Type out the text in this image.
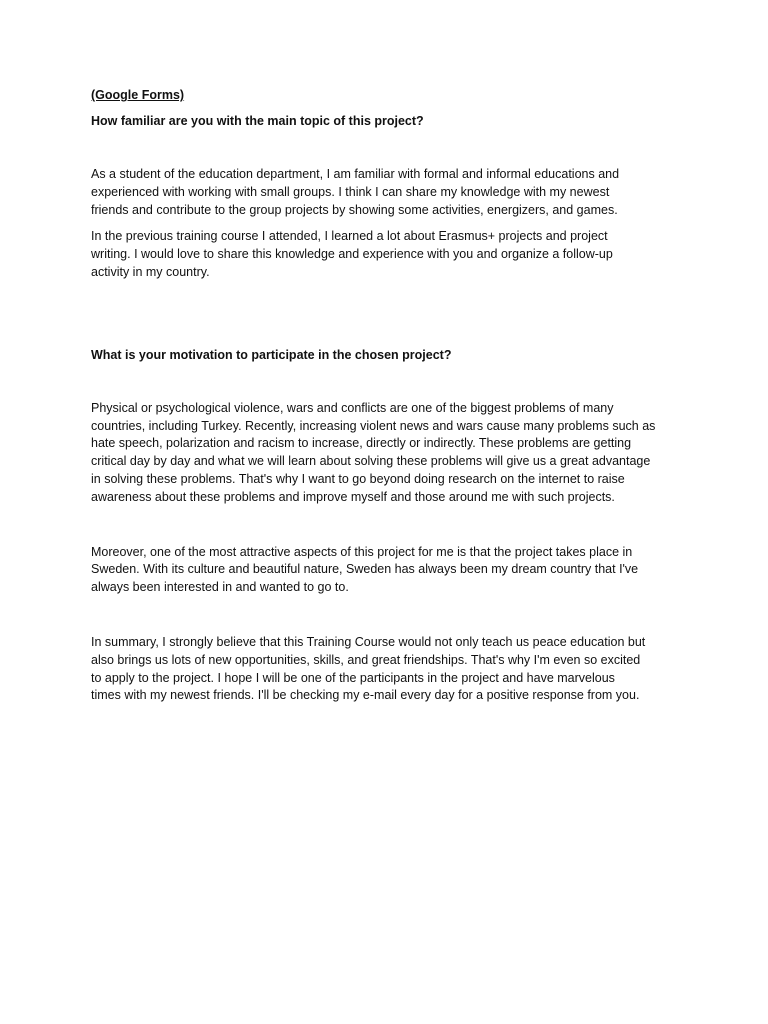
(Google Forms)

How familiar are you with the main topic of this project?

As a student of the education department, I am familiar with formal and informal educations and
experienced with working with small groups. I think I can share my knowledge with my newest
friends and contribute to the group projects by showing some activities, energizers, and games.

In the previous training course I attended, I learned a lot about Erasmus+ projects and project
writing. I would love to share this knowledge and experience with you and organize a follow-up
activity in my country.

What is your motivation to participate in the chosen project?

Physical or psychological violence, wars and conflicts are one of the biggest problems of many
countries, including Turkey. Recently, increasing violent news and wars cause many problems such as
hate speech, polarization and racism to increase, directly or indirectly. These problems are getting
critical day by day and what we will learn about solving these problems will give us a great advantage
in solving these problems. That's why I want to go beyond doing research on the internet to raise
awareness about these problems and improve myself and those around me with such projects.

Moreover, one of the most attractive aspects of this project for me is that the project takes place in
Sweden. With its culture and beautiful nature, Sweden has always been my dream country that I've
always been interested in and wanted to go to.

In summary, I strongly believe that this Training Course would not only teach us peace education but
also brings us lots of new opportunities, skills, and great friendships. That's why I'm even so excited
to apply to the project. I hope I will be one of the participants in the project and have marvelous
times with my newest friends. I'll be checking my e-mail every day for a positive response from you.
